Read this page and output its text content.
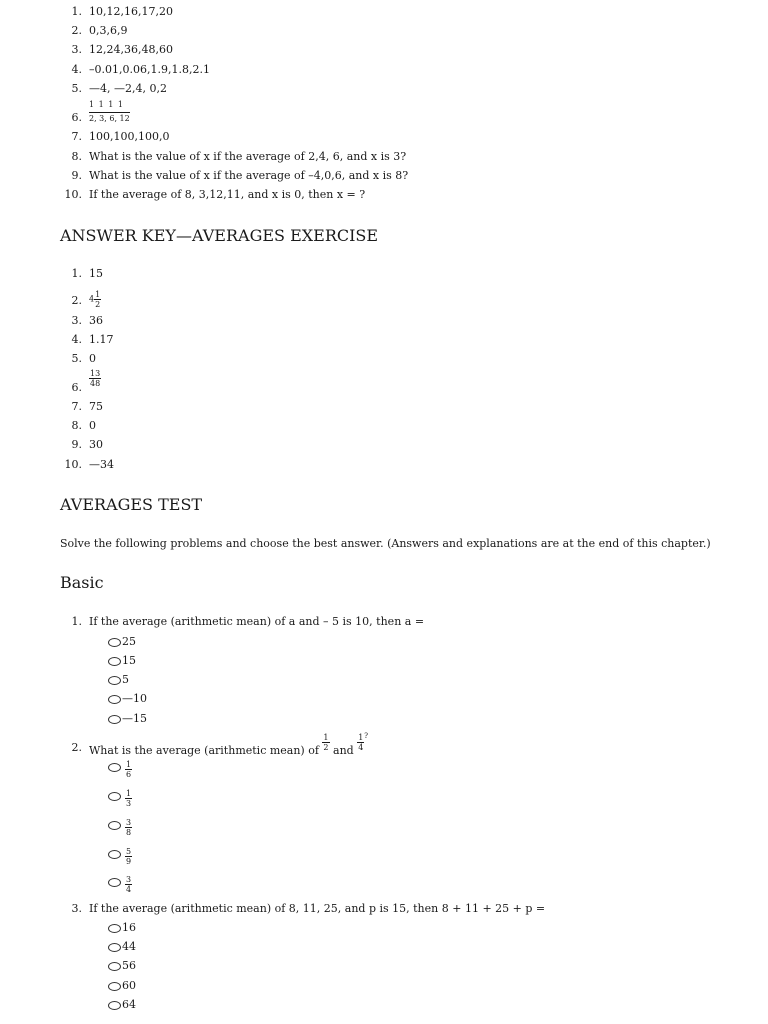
1. 10,12,16,17,20
2. 0,3,6,9
3. 12,24,36,48,60
4. –0.01,0.06,1.9,1.8,2.1
5. —4, —2,4, 0,2
6.
1 1 1 1
2, 3, 6, 12
7. 100,100,100,0
8. What is the value of x if the average of 2,4, 6, and x is 3?
9. What is the value of x if the average of –4,0,6, and x is 8?
10. If the average of 8, 3,12,11, and x is 0, then x = ?
ANSWER KEY—AVERAGES EXERCISE
1. 15
2. $4 \frac{1}{2}$
3. 36
4. 1.17
5. 0
6. $\frac{13}{48}$
7. 75
8. 0
9. 30
10. —34
AVERAGES TEST
Solve the following problems and choose the best answer. (Answers and explanations are at the end of this chapter.)
Basic
1. If the average (arithmetic mean) of a and – 5 is 10, then a =
25
15
5
—10
—15
2. What is the average (arithmetic mean) of $\frac{1}{2}$ and $\frac{1}{4}$ ?
$\frac{1}{6}$
$\frac{1}{3}$
$\frac{3}{8}$
$\frac{5}{9}$
$\frac{3}{4}$
3. If the average (arithmetic mean) of 8, 11, 25, and p is 15, then 8 + 11 + 25 + p =
16
44
56
60
64
